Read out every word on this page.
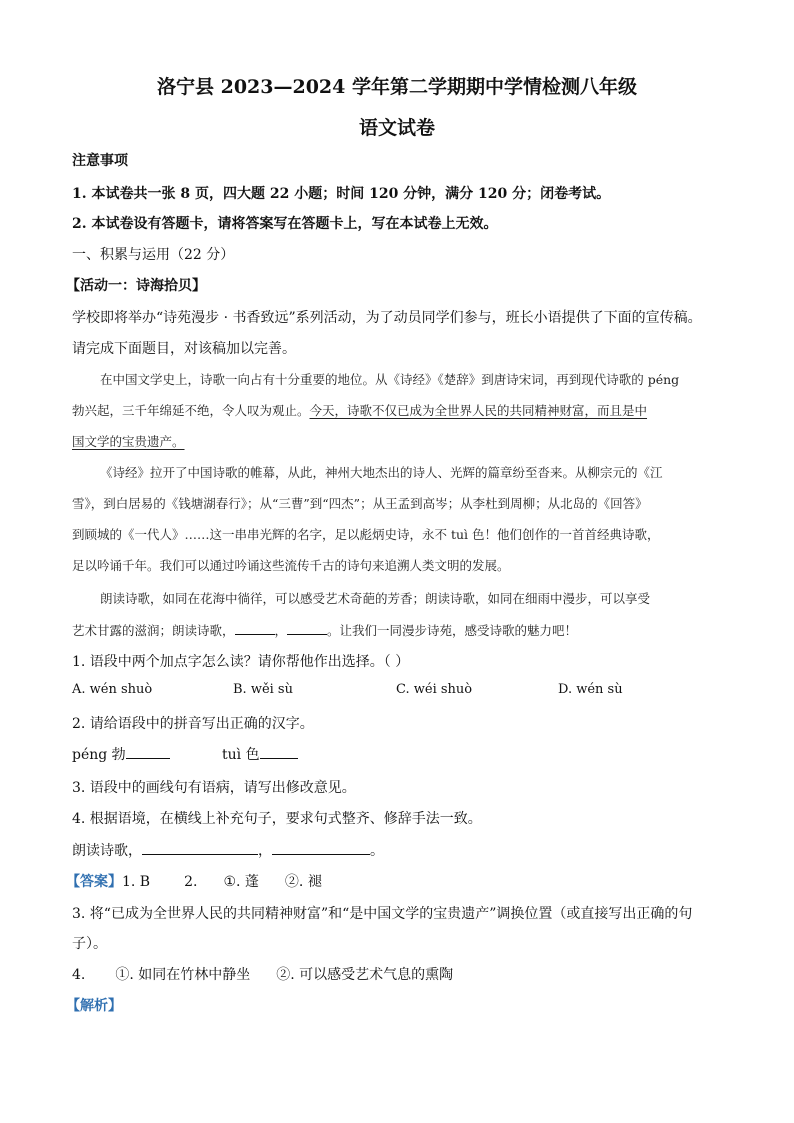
洛宁县 2023—2024 学年第二学期期中学情检测八年级
语文试卷
注意事项
1. 本试卷共一张 8 页，四大题 22 小题；时间 120 分钟，满分 120 分；闭卷考试。
2. 本试卷设有答题卡，请将答案写在答题卡上，写在本试卷上无效。
一、积累与运用（22 分）
【活动一：诗海拾贝】
学校即将举办“诗苑漫步 · 书香致远”系列活动，为了动员同学们参与，班长小语提供了下面的宣传稿。
请完成下面题目，对该稿加以完善。
在中国文学史上，诗歌一向占有十分重要的地位。从《诗经》《楚辞》到唐诗宋词，再到现代诗歌的 péng
勃兴起，三千年绵延不绝，令人叹为观止。今天，诗歌不仅已成为全世界人民的共同精神财富，而且是中
国文学的宝贵遗产。
《诗经》拉开了中国诗歌的帷幕，从此，神州大地杰出的诗人、光辉的篇章纷至沓来。从柳宗元的《江
雪》，到白居易的《钱塘湖春行》；从“三曹”到“四杰”；从王孟到高岑；从李杜到周柳；从北岛的《回答》
到顾城的《一代人》……这一串串光辉的名字，足以彪炳史诗，永不 tuì 色！他们创作的一首首经典诗歌，
足以吟诵千年。我们可以通过吟诵这些流传千古的诗句来追溯人类文明的发展。
朗读诗歌，如同在花海中徜徉，可以感受艺术奇葩的芳香；朗读诗歌，如同在细雨中漫步，可以享受
艺术甘露的滋润；朗读诗歌，	，	。让我们一同漫步诗苑，感受诗歌的魅力吧！
1. 语段中两个加点字怎么读？请你帮他作出选择。（ ）
A. wén shuò	B. wěi sù	C. wéi shuò	D. wén sù
2. 请给语段中的拼音写出正确的汉字。
péng 勃	tuì 色
3. 语段中的画线句有语病，请写出修改意见。
4. 根据语境，在横线上补充句子，要求句式整齐、修辞手法一致。
朗读诗歌，	，	。
【答案】1. B 2. ①. 蓬 ②. 褪
3. 将“已成为全世界人民的共同精神财富”和“是中国文学的宝贵遗产”调换位置（或直接写出正确的句
子）。
4. ①. 如同在竹林中静坐 ②. 可以感受艺术气息的熏陶
【解析】
